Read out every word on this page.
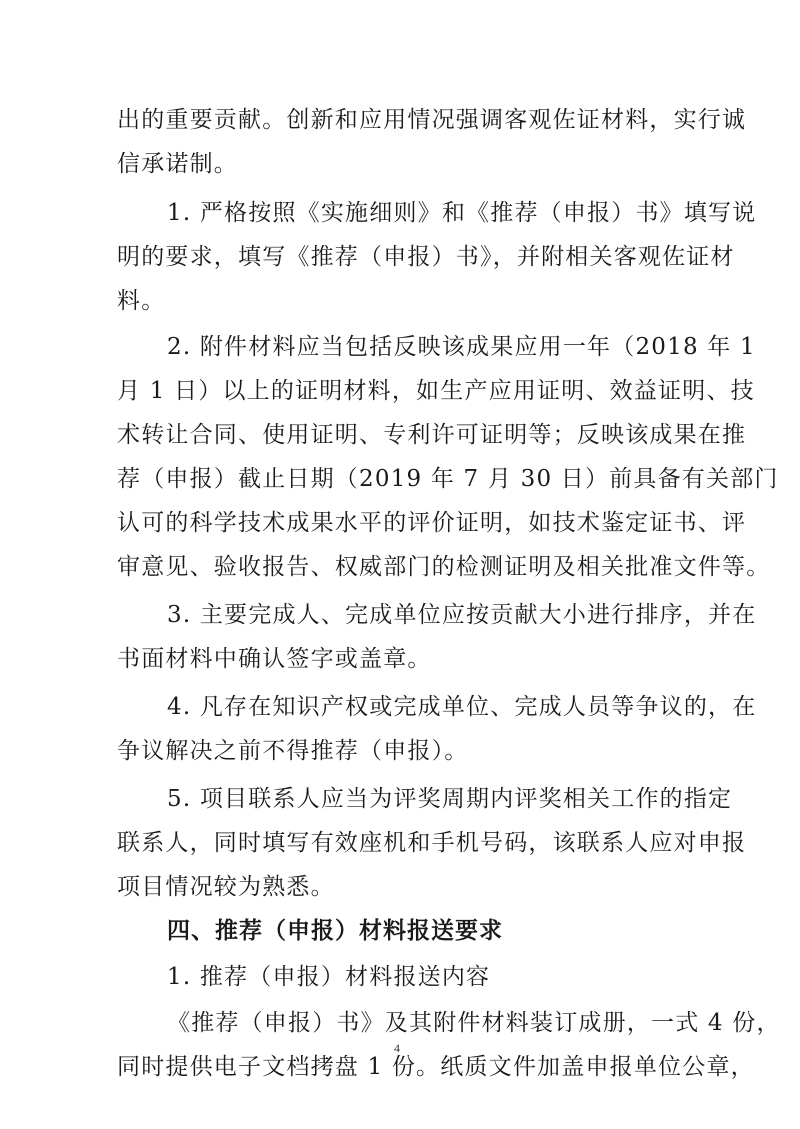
出的重要贡献。创新和应用情况强调客观佐证材料，实行诚
信承诺制。
1. 严格按照《实施细则》和《推荐（申报）书》填写说
明的要求，填写《推荐（申报）书》，并附相关客观佐证材
料。
2. 附件材料应当包括反映该成果应用一年（2018 年 1
月 1 日）以上的证明材料，如生产应用证明、效益证明、技
术转让合同、使用证明、专利许可证明等；反映该成果在推
荐（申报）截止日期（2019 年 7 月 30 日）前具备有关部门
认可的科学技术成果水平的评价证明，如技术鉴定证书、评
审意见、验收报告、权威部门的检测证明及相关批准文件等。
3. 主要完成人、完成单位应按贡献大小进行排序，并在
书面材料中确认签字或盖章。
4. 凡存在知识产权或完成单位、完成人员等争议的，在
争议解决之前不得推荐（申报）。
5. 项目联系人应当为评奖周期内评奖相关工作的指定
联系人，同时填写有效座机和手机号码，该联系人应对申报
项目情况较为熟悉。
四、推荐（申报）材料报送要求
1. 推荐（申报）材料报送内容
《推荐（申报）书》及其附件材料装订成册，一式 4 份，
同时提供电子文档拷盘 1 份。纸质文件加盖申报单位公章，
4
